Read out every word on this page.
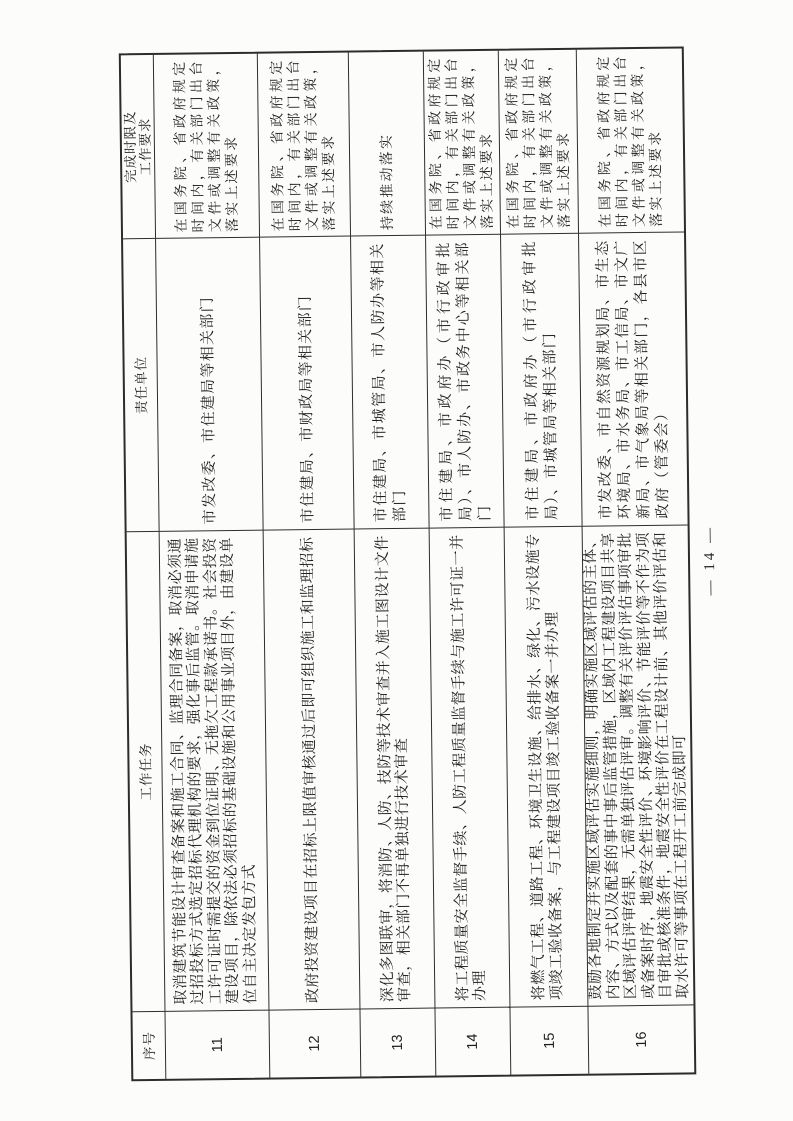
序号
工作任务
责任单位
完成时限及工作要求
11
取消建筑节能设计审查备案和施工合同、监理合同备案，取消必须通过招投标方式选定招标代理机构的要求，强化事后监管。取消申请施工许可证时需提交的资金到位证明、无拖欠工程款承诺书。社会投资建设项目，除依法必须招标的基础设施和公用事业项目外，由建设单位自主决定发包方式
市发改委、市住建局等相关部门
在国务院、省政府规定时间内，有关部门出台文件或调整有关政策，落实上述要求
12
政府投资建设项目在招标上限值审核通过后即可组织施工和监理招标
市住建局、市财政局等相关部门
在国务院、省政府规定时间内，有关部门出台文件或调整有关政策，落实上述要求
13
深化多图联审，将消防、人防、技防等技术审查并入施工图设计文件审查，相关部门不再单独进行技术审查
市住建局、市城管局、市人防办等相关部门
持续推动落实
14
将工程质量安全监督手续、人防工程质量监督手续与施工许可证一并办理
市住建局、市政府办（市行政审批局）、市人防办、市政务中心等相关部门
在国务院、省政府规定时间内，有关部门出台文件或调整有关政策，落实上述要求
15
将燃气工程、道路工程、环境卫生设施、给排水、绿化、污水设施专项竣工验收备案，与工程建设项目竣工验收备案一并办理
市住建局、市政府办（市行政审批局）、市城管局等相关部门
在国务院、省政府规定时间内，有关部门出台文件或调整有关政策，落实上述要求
16
鼓励各地制定并实施区域评估实施细则，明确实施区域评估的主体、内容、方式以及配套的事中事后监管措施，区域内工程建设项目共享区域评估评审结果，无需单独评估评审。调整有关评价评估事项审批或备案时序，地震安全性评价、环境影响评价、节能评价等不作为项目审批或核准条件，地震安全性评价在工程设计前、其他评价评估和取水许可等事项在工程开工前完成即可
市发改委、市自然资源规划局、市生态环境局、市水务局、市工信局、市文广新局、市气象局等相关部门，各县市区政府（管委会）
在国务院、省政府规定时间内，有关部门出台文件或调整有关政策，落实上述要求
— 14 —
